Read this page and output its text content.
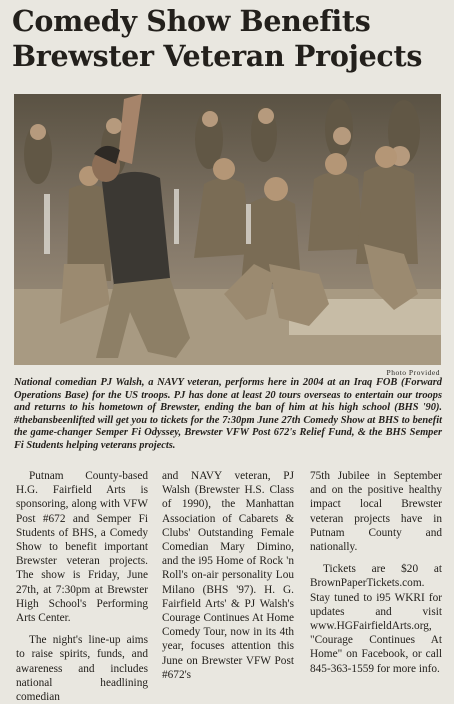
Comedy Show Benefits
Brewster Veteran Projects
Photo Provided
National comedian PJ Walsh, a NAVY veteran, performs here in 2004 at an Iraq FOB (Forward Operations Base) for the US troops. PJ has done at least 20 tours overseas to entertain our troops and returns to his hometown of Brewster, ending the ban of him at his high school (BHS '90). #thebansbeenlifted will get you to tickets for the 7:30pm June 27th Comedy Show at BHS to benefit the game-changer Semper Fi Odyssey, Brewster VFW Post 672's Relief Fund, & the BHS Semper Fi Students helping veterans projects.

Putnam County-based H.G. Fairfield Arts is sponsoring, along with VFW Post #672 and Semper Fi Students of BHS, a Comedy Show to benefit important Brewster veteran projects. The show is Friday, June 27th, at 7:30pm at Brewster High School's Performing Arts Center.

The night's line-up aims to raise spirits, funds, and awareness and includes national headlining comedian

and NAVY veteran, PJ Walsh (Brewster H.S. Class of 1990), the Manhattan Association of Cabarets & Clubs' Outstanding Female Comedian Mary Dimino, and the i95 Home of Rock 'n Roll's on-air personality Lou Milano (BHS '97). H. G. Fairfield Arts' & PJ Walsh's Courage Continues At Home Comedy Tour, now in its 4th year, focuses attention this June on Brewster VFW Post #672's

75th Jubilee in September and on the positive healthy impact local Brewster veteran projects have in Putnam County and nationally.

Tickets are $20 at BrownPaperTickets.com. Stay tuned to i95 WKRI for updates and visit www.HGFairfieldArts.org, "Courage Continues At Home" on Facebook, or call 845-363-1559 for more info.
